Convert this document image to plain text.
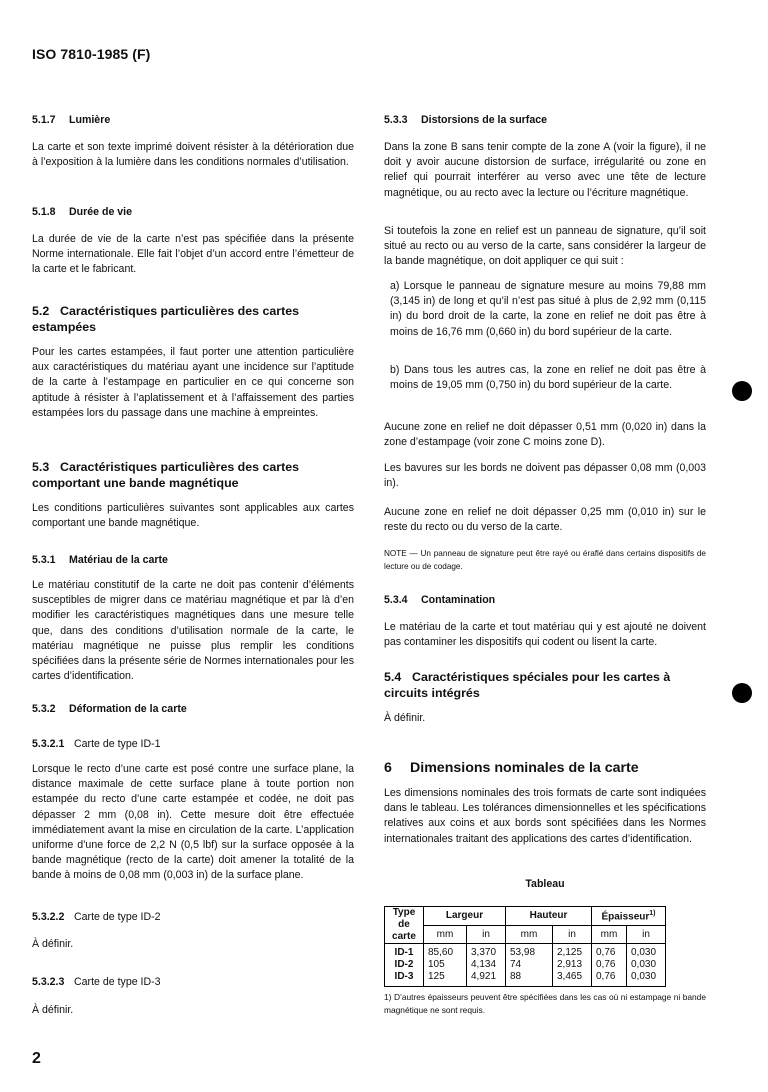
ISO 7810-1985 (F)
5.1.7 Lumière
La carte et son texte imprimé doivent résister à la détérioration due à l’exposition à la lumière dans les conditions normales d’utilisation.
5.1.8 Durée de vie
La durée de vie de la carte n’est pas spécifiée dans la présente Norme internationale. Elle fait l’objet d’un accord entre l’émetteur de la carte et le fabricant.
5.2 Caractéristiques particulières des cartes estampées
Pour les cartes estampées, il faut porter une attention particulière aux caractéristiques du matériau ayant une incidence sur l’aptitude de la carte à l’estampage en particulier en ce qui concerne son aptitude à résister à l’aplatissement et à l’affaissement des parties estampées lors du passage dans une machine à empreintes.
5.3 Caractéristiques particulières des cartes comportant une bande magnétique
Les conditions particulières suivantes sont applicables aux cartes comportant une bande magnétique.
5.3.1 Matériau de la carte
Le matériau constitutif de la carte ne doit pas contenir d’éléments susceptibles de migrer dans ce matériau magnétique et par là d’en modifier les caractéristiques magnétiques dans une mesure telle que, dans des conditions d’utilisation normale de la carte, le matériau magnétique ne puisse plus remplir les conditions spécifiées dans la présente série de Normes internationales pour les cartes d’identification.
5.3.2 Déformation de la carte
5.3.2.1 Carte de type ID-1
Lorsque le recto d’une carte est posé contre une surface plane, la distance maximale de cette surface plane à toute portion non estampée du recto d’une carte estampée et codée, ne doit pas dépasser 2 mm (0,08 in). Cette mesure doit être effectuée immédiatement avant la mise en circulation de la carte. L’application uniforme d’une force de 2,2 N (0,5 lbf) sur la surface opposée à la bande magnétique (recto de la carte) doit amener la totalité de la bande à moins de 0,08 mm (0,003 in) de la surface plane.
5.3.2.2 Carte de type ID-2
À définir.
5.3.2.3 Carte de type ID-3
À définir.
5.3.3 Distorsions de la surface
Dans la zone B sans tenir compte de la zone A (voir la figure), il ne doit y avoir aucune distorsion de surface, irrégularité ou zone en relief qui pourrait interférer au verso avec une tête de lecture magnétique, ou au recto avec la lecture ou l’écriture magnétique.
Si toutefois la zone en relief est un panneau de signature, qu’il soit situé au recto ou au verso de la carte, sans considérer la largeur de la bande magnétique, on doit appliquer ce qui suit :
a) Lorsque le panneau de signature mesure au moins 79,88 mm (3,145 in) de long et qu’il n’est pas situé à plus de 2,92 mm (0,115 in) du bord droit de la carte, la zone en relief ne doit pas être à moins de 16,76 mm (0,660 in) du bord supérieur de la carte.
b) Dans tous les autres cas, la zone en relief ne doit pas être à moins de 19,05 mm (0,750 in) du bord supérieur de la carte.
Aucune zone en relief ne doit dépasser 0,51 mm (0,020 in) dans la zone d’estampage (voir zone C moins zone D).
Les bavures sur les bords ne doivent pas dépasser 0,08 mm (0,003 in).
Aucune zone en relief ne doit dépasser 0,25 mm (0,010 in) sur le reste du recto ou du verso de la carte.
NOTE — Un panneau de signature peut être rayé ou éraflé dans certains dispositifs de lecture ou de codage.
5.3.4 Contamination
Le matériau de la carte et tout matériau qui y est ajouté ne doivent pas contaminer les dispositifs qui codent ou lisent la carte.
5.4 Caractéristiques spéciales pour les cartes à circuits intégrés
À définir.
6 Dimensions nominales de la carte
Les dimensions nominales des trois formats de carte sont indiquées dans le tableau. Les tolérances dimensionnelles et les spécifications relatives aux coins et aux bords sont spécifiées dans les Normes internationales traitant des applications des cartes d’identification.
Tableau
Type de carte	Largeur		Hauteur		Épaisseur$^{1)}$
	mm	in	mm	in	mm	in
ID-1	85,60	3,370	53,98	2,125	0,76	0,030
ID-2	105	4,134	74	2,913	0,76	0,030
ID-3	125	4,921	88	3,465	0,76	0,030
1) D’autres épaisseurs peuvent être spécifiées dans les cas où ni estampage ni bande magnétique ne sont requis.
2
